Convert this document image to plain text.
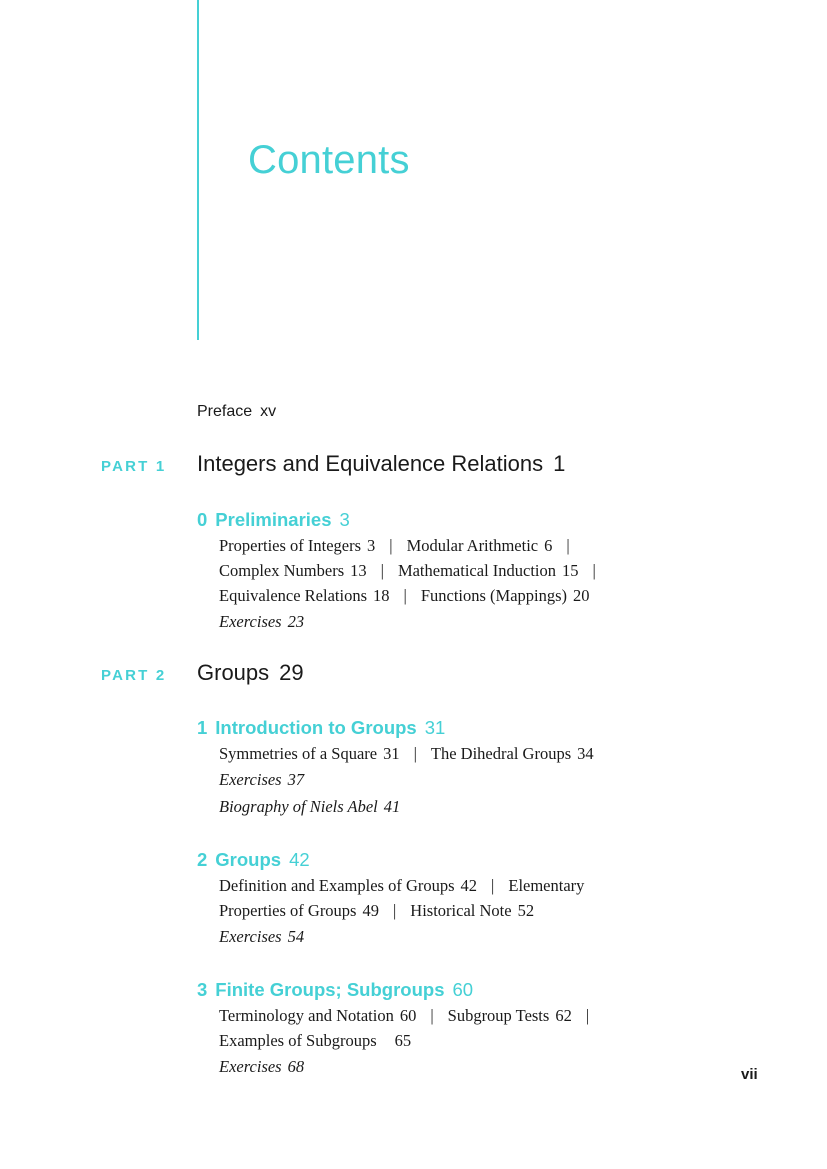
Contents
Preface xv
PART 1 Integers and Equivalence Relations 1
0 Preliminaries 3
Properties of Integers 3 | Modular Arithmetic 6 |
Complex Numbers 13 | Mathematical Induction 15 |
Equivalence Relations 18 | Functions (Mappings) 20
Exercises 23
PART 2 Groups 29
1 Introduction to Groups 31
Symmetries of a Square 31 | The Dihedral Groups 34
Exercises 37
Biography of Niels Abel 41
2 Groups 42
Definition and Examples of Groups 42 | Elementary
Properties of Groups 49 | Historical Note 52
Exercises 54
3 Finite Groups; Subgroups 60
Terminology and Notation 60 | Subgroup Tests 62 |
Examples of Subgroups 65
Exercises 68	vii
